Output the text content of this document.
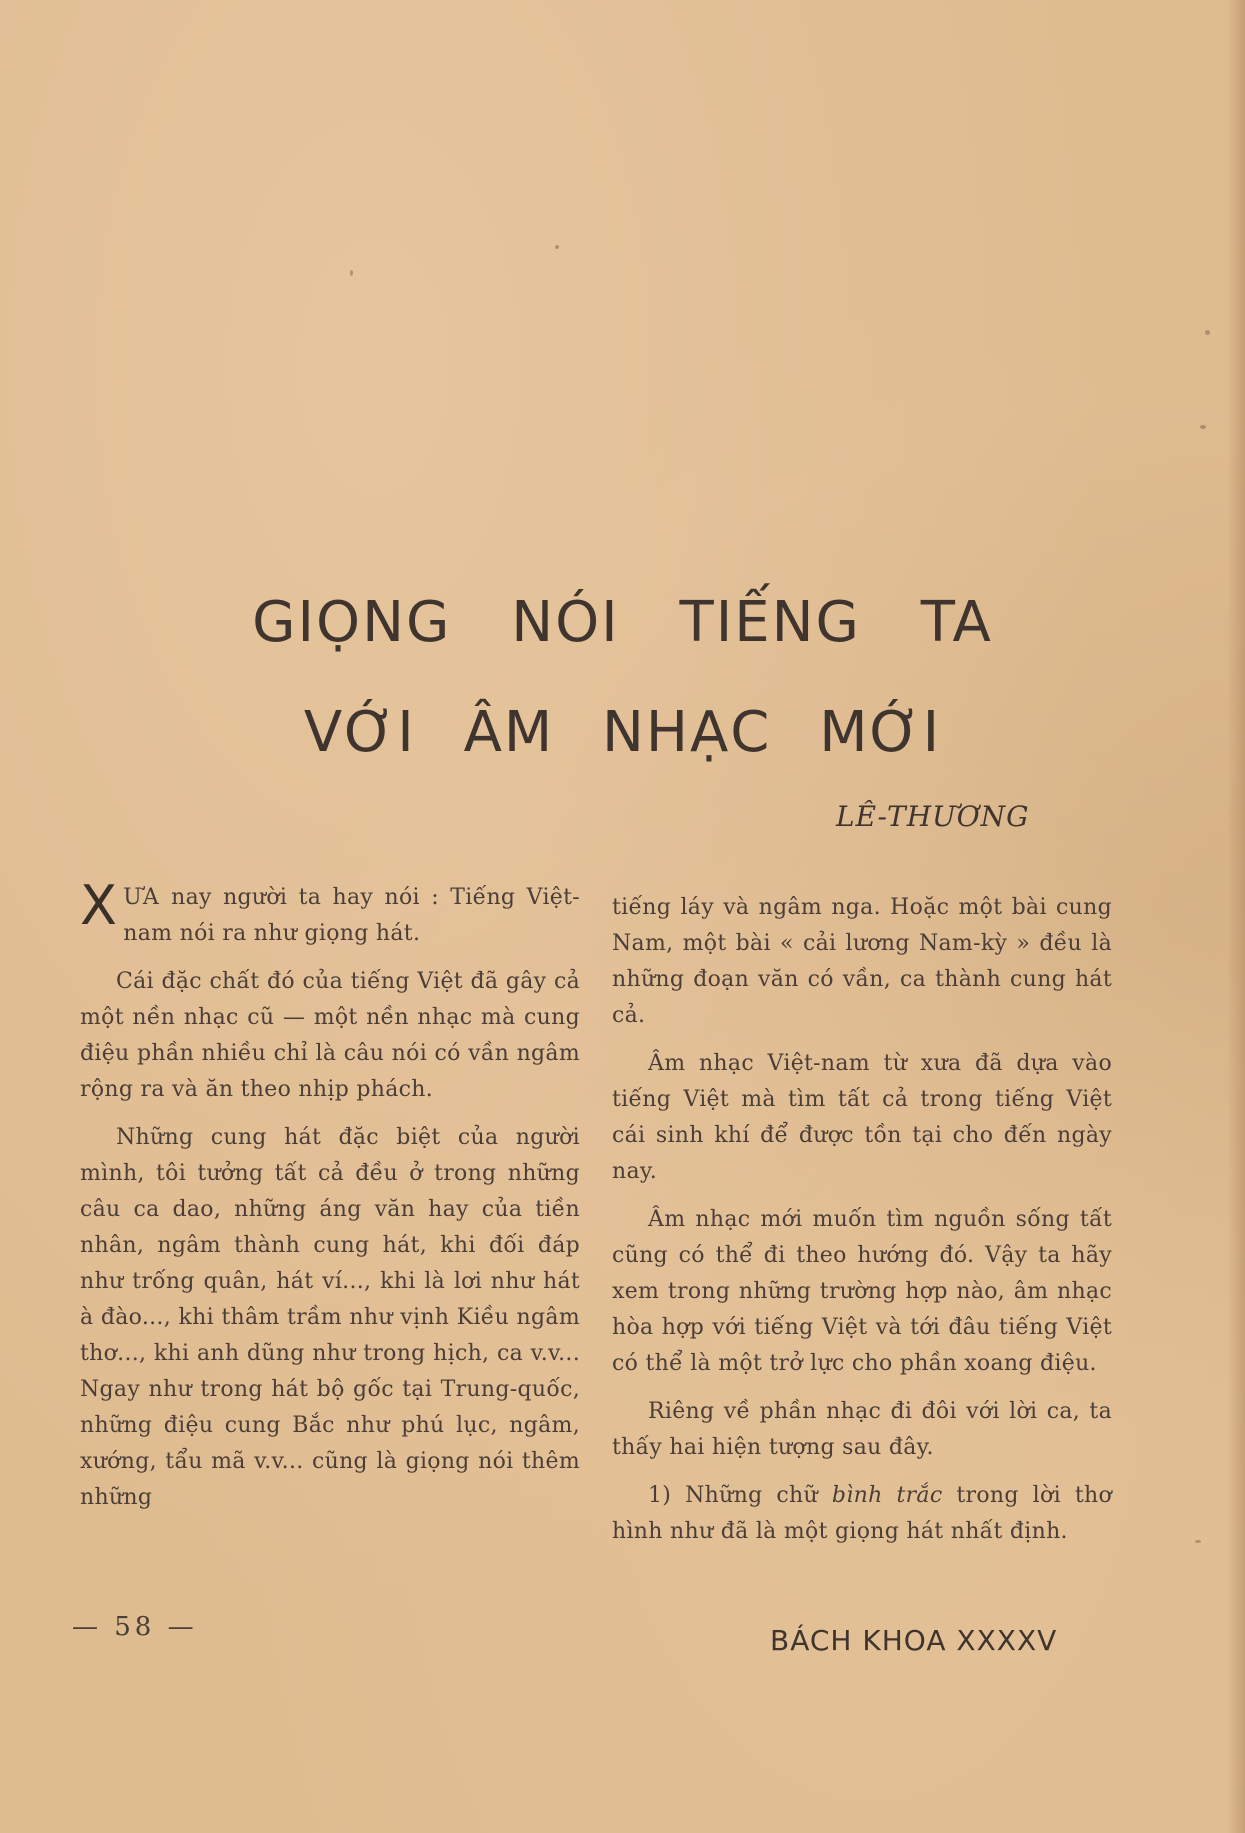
GIỌNG NÓI TIẾNG TA
VỚI ÂM NHẠC MỚI
LÊ-THƯƠNG

XƯA nay người ta hay nói : Tiếng Việt-nam nói ra như giọng hát.

Cái đặc chất đó của tiếng Việt đã gây cả một nền nhạc cũ — một nền nhạc mà cung điệu phần nhiều chỉ là câu nói có vần ngâm rộng ra và ăn theo nhịp phách.

Những cung hát đặc biệt của người mình, tôi tưởng tất cả đều ở trong những câu ca dao, những áng văn hay của tiền nhân, ngâm thành cung hát, khi đối đáp như trống quân, hát ví..., khi là lơi như hát à đào..., khi thâm trầm như vịnh Kiều ngâm thơ..., khi anh dũng như trong hịch, ca v.v... Ngay như trong hát bộ gốc tại Trung-quốc, những điệu cung Bắc như phú lục, ngâm, xướng, tẩu mã v.v... cũng là giọng nói thêm những

tiếng láy và ngâm nga. Hoặc một bài cung Nam, một bài « cải lương Nam-kỳ » đều là những đoạn văn có vần, ca thành cung hát cả.

Âm nhạc Việt-nam từ xưa đã dựa vào tiếng Việt mà tìm tất cả trong tiếng Việt cái sinh khí để được tồn tại cho đến ngày nay.

Âm nhạc mới muốn tìm nguồn sống tất cũng có thể đi theo hướng đó. Vậy ta hãy xem trong những trường hợp nào, âm nhạc hòa hợp với tiếng Việt và tới đâu tiếng Việt có thể là một trở lực cho phần xoang điệu.

Riêng về phần nhạc đi đôi với lời ca, ta thấy hai hiện tượng sau đây.

1) Những chữ bình trắc trong lời thơ hình như đã là một giọng hát nhất định.

— 58 —	BÁCH KHOA XXXXV
